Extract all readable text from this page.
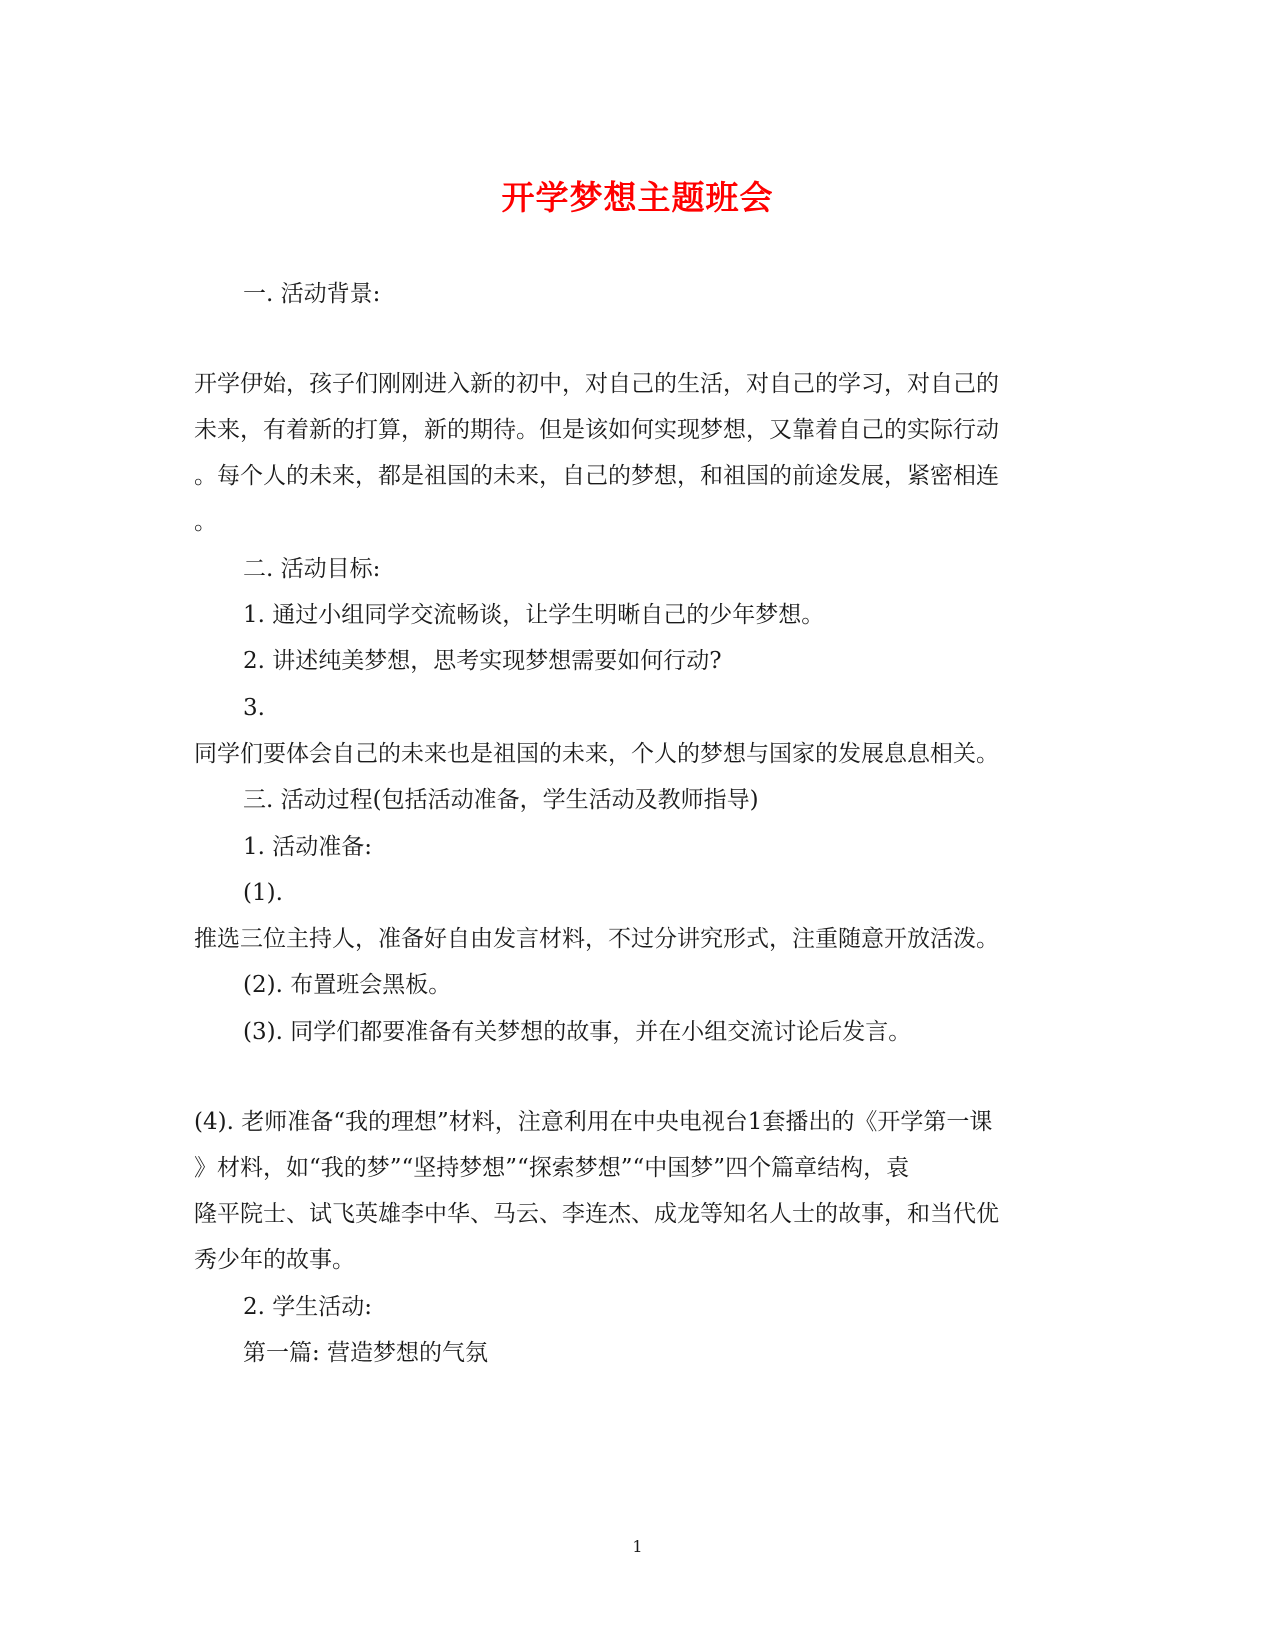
开学梦想主题班会

一. 活动背景:

开学伊始，孩子们刚刚进入新的初中，对自己的生活，对自己的学习，对自己的

未来，有着新的打算，新的期待。但是该如何实现梦想，又靠着自己的实际行动

。每个人的未来，都是祖国的未来，自己的梦想，和祖国的前途发展，紧密相连

。

二. 活动目标:

1. 通过小组同学交流畅谈，让学生明晰自己的少年梦想。

2. 讲述纯美梦想，思考实现梦想需要如何行动?

3.

同学们要体会自己的未来也是祖国的未来，个人的梦想与国家的发展息息相关。

三. 活动过程(包括活动准备，学生活动及教师指导)

1. 活动准备:

(1).

推选三位主持人，准备好自由发言材料，不过分讲究形式，注重随意开放活泼。

(2). 布置班会黑板。

(3). 同学们都要准备有关梦想的故事，并在小组交流讨论后发言。

(4). 老师准备“我的理想”材料，注意利用在中央电视台1套播出的《开学第一课

》材料，如“我的梦”“坚持梦想”“探索梦想”“中国梦”四个篇章结构，袁

隆平院士、试飞英雄李中华、马云、李连杰、成龙等知名人士的故事，和当代优

秀少年的故事。

2. 学生活动:

第一篇: 营造梦想的气氛

1
